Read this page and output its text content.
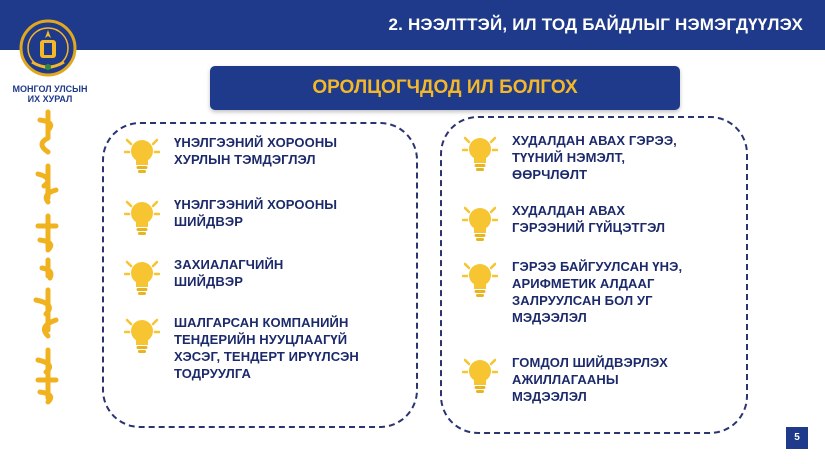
2. НЭЭЛТТЭЙ, ИЛ ТОД БАЙДЛЫГ НЭМЭГДҮҮЛЭХ
МОНГОЛ УЛСЫН
ИХ ХУРАЛ
ОРОЛЦОГЧДОД ИЛ БОЛГОХ
ҮНЭЛГЭЭНИЙ ХОРООНЫ
ХУРЛЫН ТЭМДЭГЛЭЛ
ҮНЭЛГЭЭНИЙ ХОРООНЫ
ШИЙДВЭР
ЗАХИАЛАГЧИЙН
ШИЙДВЭР
ШАЛГАРСАН КОМПАНИЙН
ТЕНДЕРИЙН НУУЦЛААГҮЙ
ХЭСЭГ, ТЕНДЕРТ ИРҮҮЛСЭН
ТОДРУУЛГА
ХУДАЛДАН АВАХ ГЭРЭЭ,
ТҮҮНИЙ НЭМЭЛТ,
ӨӨРЧЛӨЛТ
ХУДАЛДАН АВАХ
ГЭРЭЭНИЙ ГҮЙЦЭТГЭЛ
ГЭРЭЭ БАЙГУУЛСАН ҮНЭ,
АРИФМЕТИК АЛДААГ
ЗАЛРУУЛСАН БОЛ УГ
МЭДЭЭЛЭЛ
ГОМДОЛ ШИЙДВЭРЛЭХ
АЖИЛЛАГААНЫ
МЭДЭЭЛЭЛ
5
